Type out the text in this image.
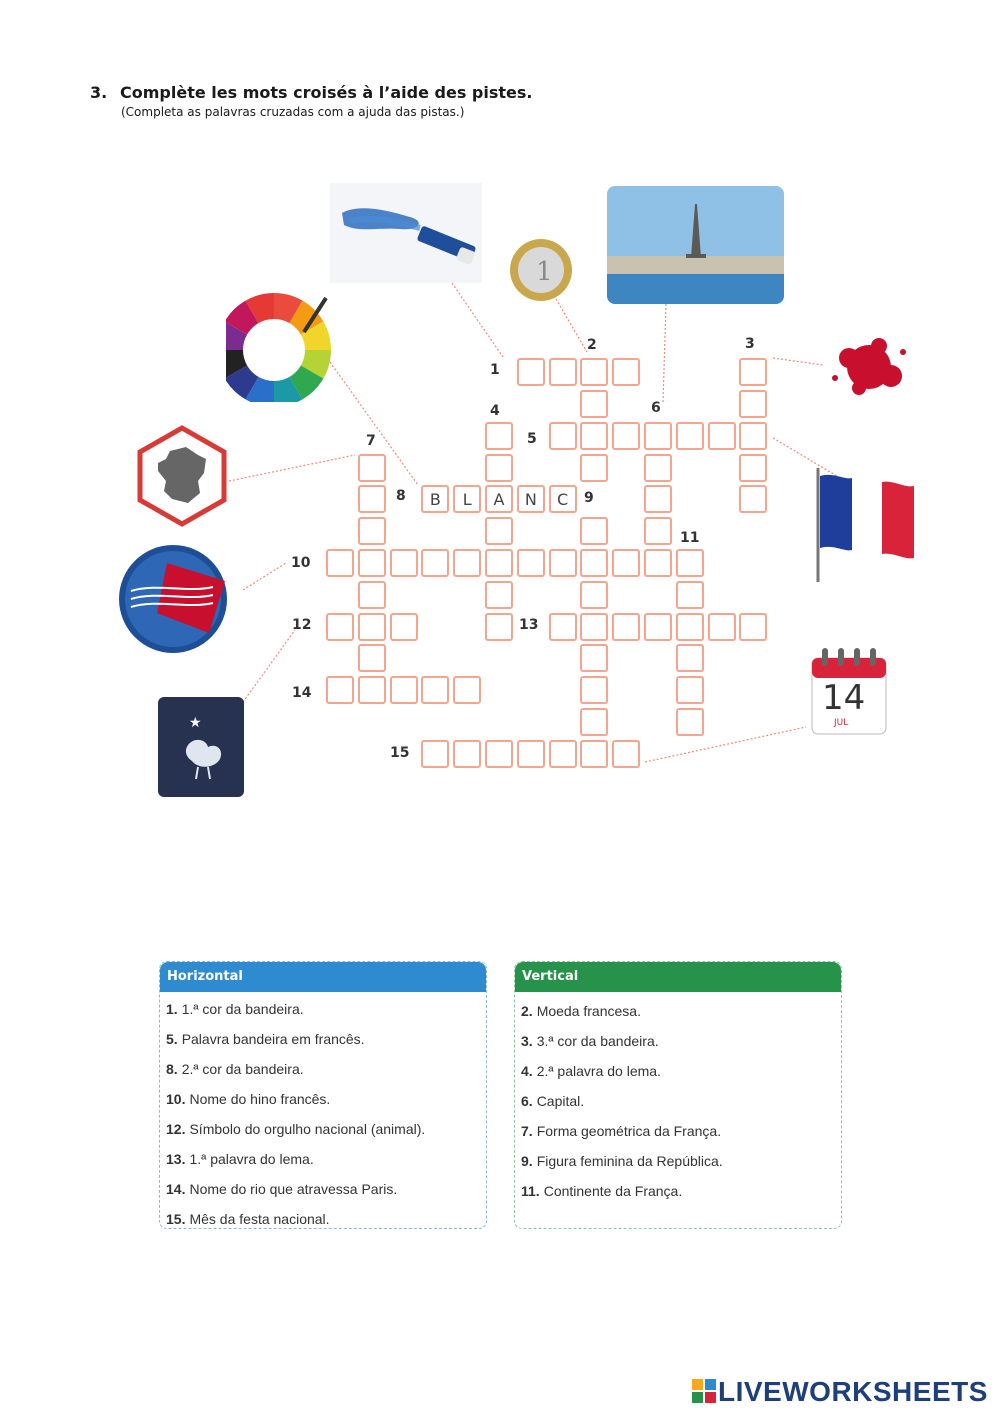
3. Complète les mots croisés à l’aide des pistes.
(Completa as palavras cruzadas com a ajuda das pistas.)
B	L	A	N	C
1
2	3
4
5
6
7
8	9
10
11
12	13
14
15
1
★
14
JUL
Horizontal
1. 1.ª cor da bandeira.
5. Palavra bandeira em francês.
8. 2.ª cor da bandeira.
10. Nome do hino francês.
12. Símbolo do orgulho nacional (animal).
13. 1.ª palavra do lema.
14. Nome do rio que atravessa Paris.
15. Mês da festa nacional.
Vertical
2. Moeda francesa.
3. 3.ª cor da bandeira.
4. 2.ª palavra do lema.
6. Capital.
7. Forma geométrica da França.
9. Figura feminina da República.
11. Continente da França.
LIVEWORKSHEETS
